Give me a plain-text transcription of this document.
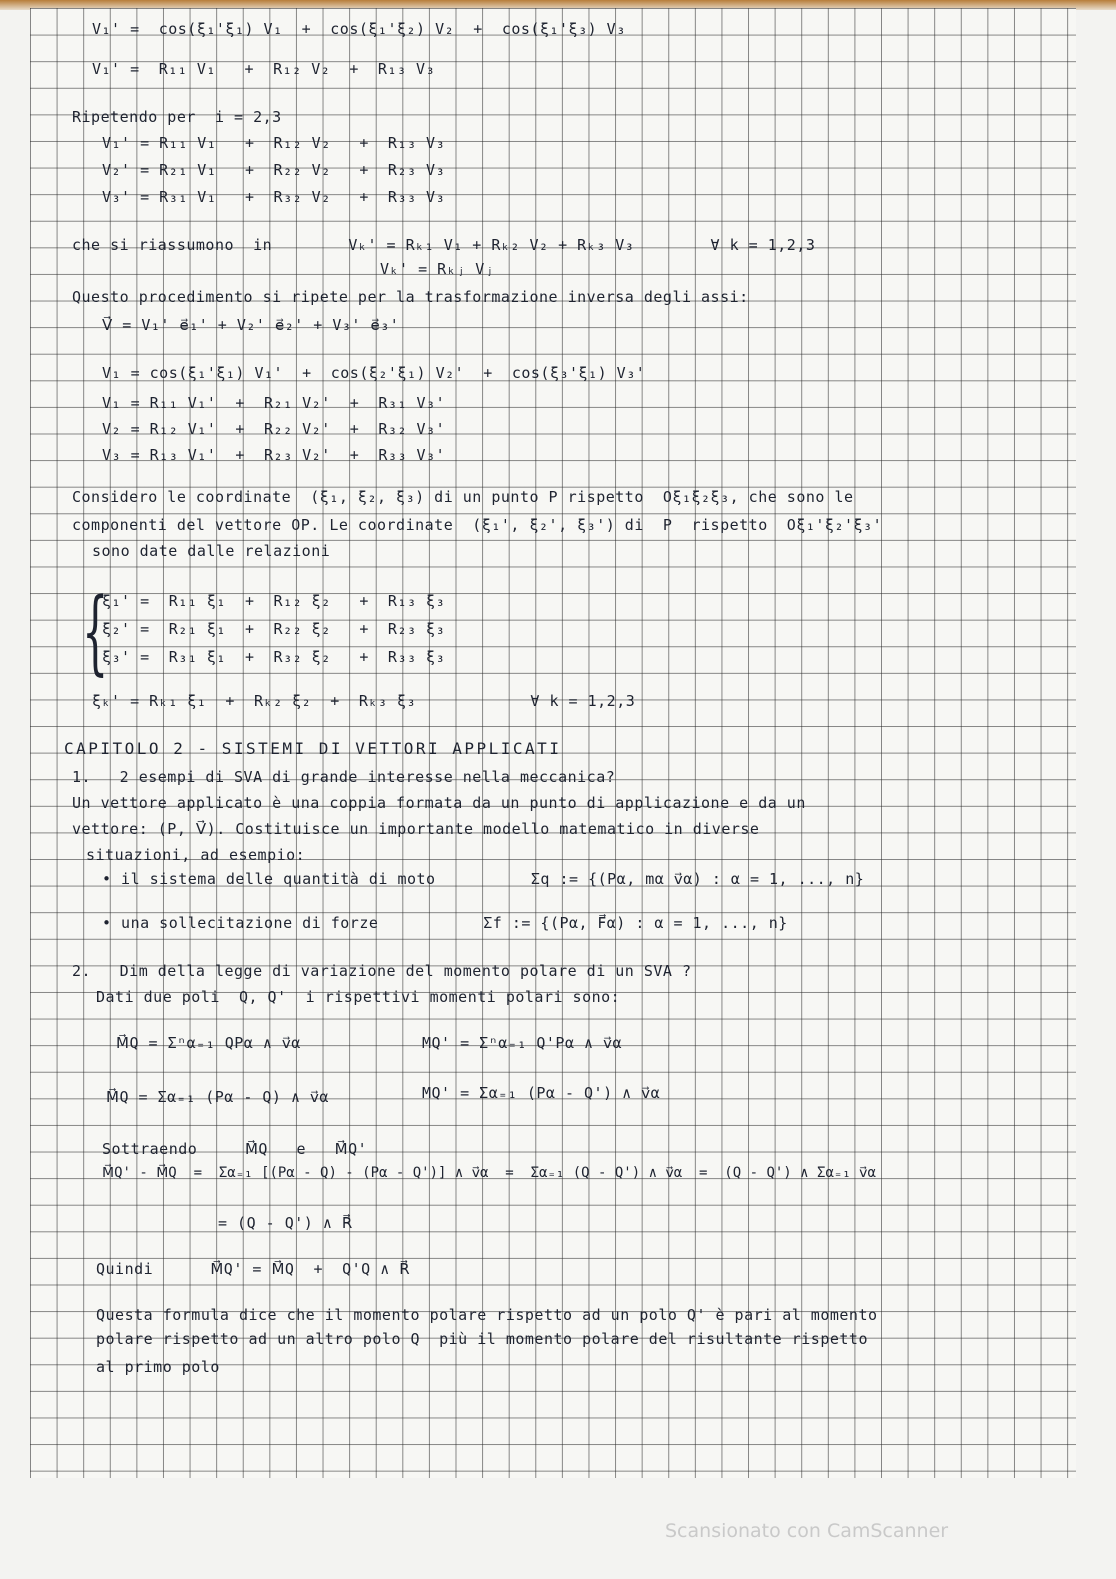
V₁' =  cos(ξ₁'ξ₁) V₁  +  cos(ξ₁'ξ₂) V₂  +  cos(ξ₁'ξ₃) V₃
V₁' =  R₁₁ V₁   +  R₁₂ V₂  +  R₁₃ V₃
Ripetendo per  i = 2,3
V₁' = R₁₁ V₁   +  R₁₂ V₂   +  R₁₃ V₃
V₂' = R₂₁ V₁   +  R₂₂ V₂   +  R₂₃ V₃
V₃' = R₃₁ V₁   +  R₃₂ V₂   +  R₃₃ V₃
che si riassumono  in        Vₖ' = Rₖ₁ V₁ + Rₖ₂ V₂ + Rₖ₃ V₃        ∀ k = 1,2,3
Vₖ' = Rₖⱼ Vⱼ
Questo procedimento si ripete per la trasformazione inversa degli assi:
V⃗ = V₁' e⃗₁' + V₂' e⃗₂' + V₃' e⃗₃'
V₁ = cos(ξ₁'ξ₁) V₁'  +  cos(ξ₂'ξ₁) V₂'  +  cos(ξ₃'ξ₁) V₃'
V₁ = R₁₁ V₁'  +  R₂₁ V₂'  +  R₃₁ V₃'
V₂ = R₁₂ V₁'  +  R₂₂ V₂'  +  R₃₂ V₃'
V₃ = R₁₃ V₁'  +  R₂₃ V₂'  +  R₃₃ V₃'
Considero le coordinate  (ξ₁, ξ₂, ξ₃) di un punto P rispetto  Oξ₁ξ₂ξ₃, che sono le
componenti del vettore OP. Le coordinate  (ξ₁', ξ₂', ξ₃') di  P  rispetto  Oξ₁'ξ₂'ξ₃'
sono date dalle relazioni
{
ξ₁' =  R₁₁ ξ₁  +  R₁₂ ξ₂   +  R₁₃ ξ₃
ξ₂' =  R₂₁ ξ₁  +  R₂₂ ξ₂   +  R₂₃ ξ₃
ξ₃' =  R₃₁ ξ₁  +  R₃₂ ξ₂   +  R₃₃ ξ₃
ξₖ' = Rₖ₁ ξ₁  +  Rₖ₂ ξ₂  +  Rₖ₃ ξ₃            ∀ k = 1,2,3
CAPITOLO 2 - SISTEMI DI VETTORI APPLICATI
1.   2 esempi di SVA di grande interesse nella meccanica?
Un vettore applicato è una coppia formata da un punto di applicazione e da un
vettore: (P, V⃗). Costituisce un importante modello matematico in diverse
situazioni, ad esempio:
• il sistema delle quantità di moto          Σq := {(Pα, mα v⃗α) : α = 1, ..., n}
• una sollecitazione di forze           Σf := {(Pα, F⃗α) : α = 1, ..., n}
2.   Dim della legge di variazione del momento polare di un SVA ?
Dati due poli  Q, Q'  i rispettivi momenti polari sono:
M⃗Q = Σⁿα₌₁ QPα ∧ v⃗α	MQ' = Σⁿα₌₁ Q'Pα ∧ v⃗α
M⃗Q = Σα₌₁ (Pα - Q) ∧ v⃗α	MQ' = Σα₌₁ (Pα - Q') ∧ v⃗α
Sottraendo     M⃗Q   e   M⃗Q'
M⃗Q' - M⃗Q  =  Σα₌₁ [(Pα - Q) - (Pα - Q')] ∧ v⃗α  =  Σα₌₁ (Q - Q') ∧ v⃗α  =  (Q - Q') ∧ Σα₌₁ v⃗α
= (Q - Q') ∧ R⃗
Quindi      M⃗Q' = M⃗Q  +  Q'Q ∧ R⃗
Questa formula dice che il momento polare rispetto ad un polo Q' è pari al momento
polare rispetto ad un altro polo Q  più il momento polare del risultante rispetto
al primo polo
Scansionato con CamScanner
